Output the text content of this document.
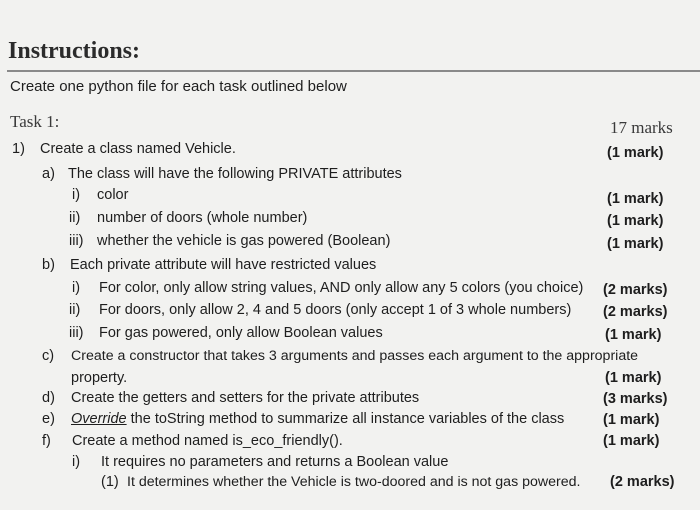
Instructions:
Create one python file for each task outlined below
Task 1:	17 marks
1) Create a class named Vehicle.	(1 mark)
a) The class will have the following PRIVATE attributes
i) color	(1 mark)
ii) number of doors (whole number)	(1 mark)
iii) whether the vehicle is gas powered (Boolean)	(1 mark)
b) Each private attribute will have restricted values
i) For color, only allow string values, AND only allow any 5 colors (you choice) (2 marks)
ii) For doors, only allow 2, 4 and 5 doors (only accept 1 of 3 whole numbers) (2 marks)
iii) For gas powered, only allow Boolean values	(1 mark)
c) Create a constructor that takes 3 arguments and passes each argument to the appropriate
property.	(1 mark)
d) Create the getters and setters for the private attributes	(3 marks)
e) Override the toString method to summarize all instance variables of the class	(1 mark)
f) Create a method named is_eco_friendly().	(1 mark)
i) It requires no parameters and returns a Boolean value
(1) It determines whether the Vehicle is two-doored and is not gas powered. (2 marks)
